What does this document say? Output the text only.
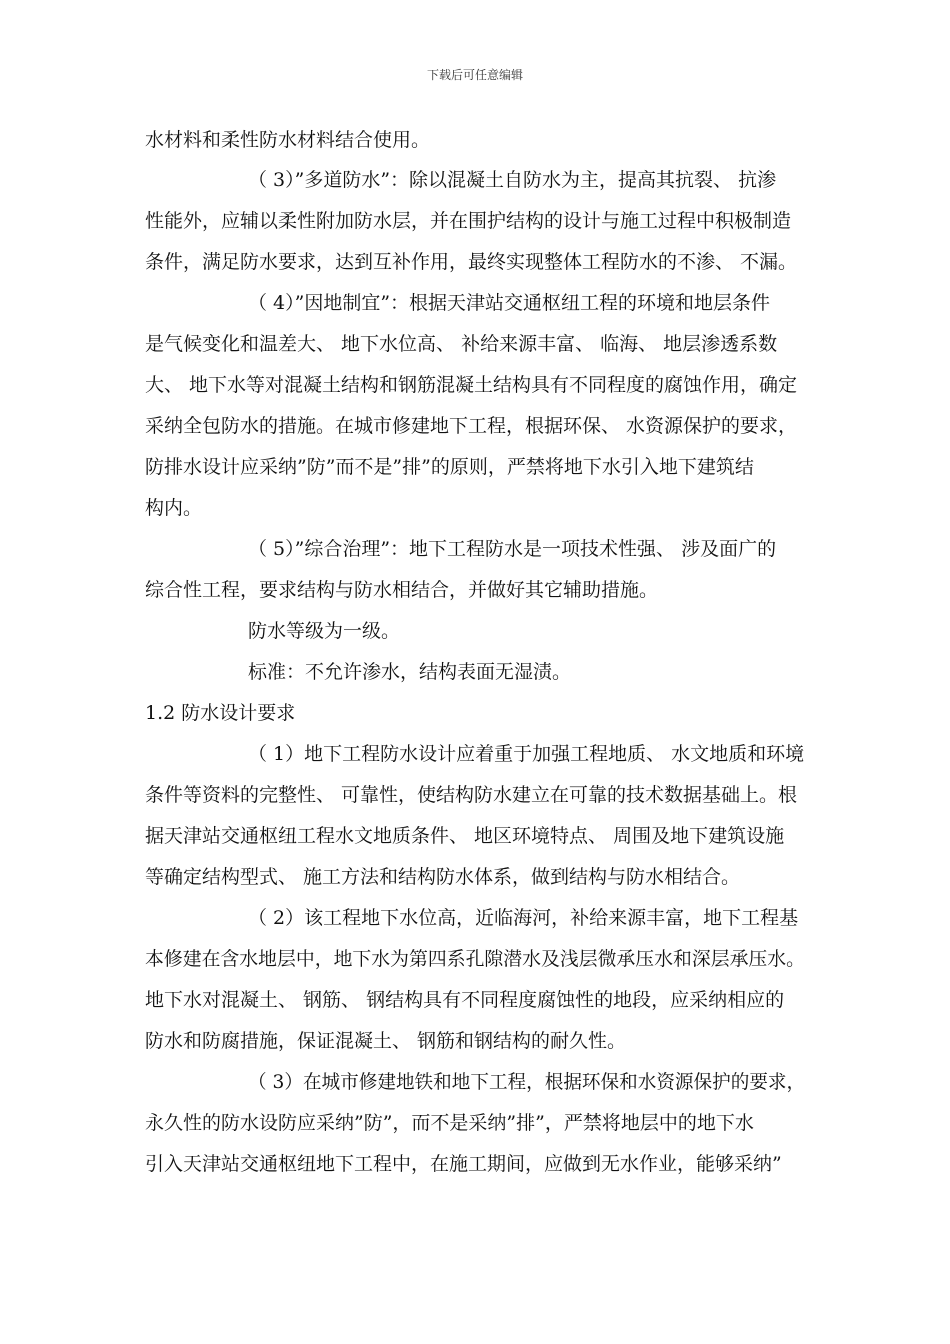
下载后可任意编辑
水材料和柔性防水材料结合使用。
（ 3）”多道防水”：除以混凝土自防水为主，提高其抗裂、 抗渗
性能外，应辅以柔性附加防水层，并在围护结构的设计与施工过程中积极制造
条件，满足防水要求，达到互补作用，最终实现整体工程防水的不渗、 不漏。
（ 4）”因地制宜”：根据天津站交通枢纽工程的环境和地层条件
是气候变化和温差大、 地下水位高、 补给来源丰富、 临海、 地层渗透系数
大、 地下水等对混凝土结构和钢筋混凝土结构具有不同程度的腐蚀作用，确定
采纳全包防水的措施。在城市修建地下工程，根据环保、 水资源保护的要求，
防排水设计应采纳”防”而不是”排”的原则，严禁将地下水引入地下建筑结
构内。
（ 5）”综合治理”：地下工程防水是一项技术性强、 涉及面广的
综合性工程，要求结构与防水相结合，并做好其它辅助措施。
防水等级为一级。
标准：不允许渗水，结构表面无湿渍。
1.2 防水设计要求
（ 1）地下工程防水设计应着重于加强工程地质、 水文地质和环境
条件等资料的完整性、 可靠性，使结构防水建立在可靠的技术数据基础上。根
据天津站交通枢纽工程水文地质条件、 地区环境特点、 周围及地下建筑设施
等确定结构型式、 施工方法和结构防水体系，做到结构与防水相结合。
（ 2）该工程地下水位高，近临海河，补给来源丰富，地下工程基
本修建在含水地层中，地下水为第四系孔隙潜水及浅层微承压水和深层承压水。
地下水对混凝土、 钢筋、 钢结构具有不同程度腐蚀性的地段，应采纳相应的
防水和防腐措施，保证混凝土、 钢筋和钢结构的耐久性。
（ 3）在城市修建地铁和地下工程，根据环保和水资源保护的要求，
永久性的防水设防应采纳”防”，而不是采纳”排”，严禁将地层中的地下水
引入天津站交通枢纽地下工程中，在施工期间，应做到无水作业，能够采纳”
